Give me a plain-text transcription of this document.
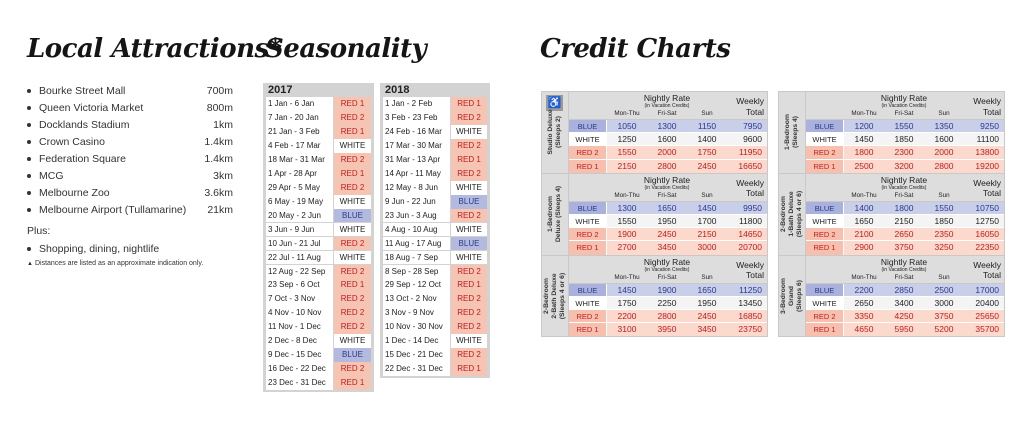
Local Attractions*
Seasonality	Credit Charts
Bourke Street Mall	700m
Queen Victoria Market	800m
Docklands Stadium	1km
Crown Casino	1.4km
Federation Square	1.4km
MCG	3km
Melbourne Zoo	3.6km
Melbourne Airport (Tullamarine) 21km
Plus:
Shopping, dining, nightlife
▲ Distances are listed as an approximate indication only.
2017
1 Jan - 6 Jan	RED 1
7 Jan - 20 Jan	RED 2
21 Jan - 3 Feb	RED 1
4 Feb - 17 Mar	WHITE
18 Mar - 31 Mar	RED 2
1 Apr - 28 Apr	RED 1
29 Apr - 5 May	RED 2
6 May - 19 May	WHITE
20 May - 2 Jun	BLUE
3 Jun - 9 Jun	WHITE
10 Jun - 21 Jul	RED 2
22 Jul - 11 Aug	WHITE
12 Aug - 22 Sep	RED 2
23 Sep - 6 Oct	RED 1
7 Oct - 3 Nov	RED 2
4 Nov - 10 Nov	RED 2
11 Nov - 1 Dec	RED 2
2 Dec - 8 Dec	WHITE
9 Dec - 15 Dec	BLUE
16 Dec - 22 Dec	RED 2
23 Dec - 31 Dec	RED 1
2018
1 Jan - 2 Feb	RED 1
3 Feb - 23 Feb	RED 2
24 Feb - 16 Mar	WHITE
17 Mar - 30 Mar	RED 2
31 Mar - 13 Apr	RED 1
14 Apr - 11 May	RED 2
12 May - 8 Jun	WHITE
9 Jun - 22 Jun	BLUE
23 Jun - 3 Aug	RED 2
4 Aug - 10 Aug	WHITE
11 Aug - 17 Aug	BLUE
18 Aug - 7 Sep	WHITE
8 Sep - 28 Sep	RED 2
29 Sep - 12 Oct	RED 1
13 Oct - 2 Nov	RED 2
3 Nov - 9 Nov	RED 2
10 Nov - 30 Nov	RED 2
1 Dec - 14 Dec	WHITE
15 Dec - 21 Dec	RED 2
22 Dec - 31 Dec	RED 1
♿
Studio Deluxe
(Sleeps 2)
Nightly Rate
(in Vacation Credits)
Mon-Thu	Fri-Sat	Sun
Weekly
Total
BLUE	1050	1300	1150	7950
WHITE	1250	1600	1400	9600
RED 2	1550	2000	1750	11950
RED 1	2150	2800	2450	16650
1-Bedroom
Deluxe (Sleeps 4)
Nightly Rate
(in Vacation Credits)
Mon-Thu	Fri-Sat	Sun
Weekly
Total
BLUE	1300	1650	1450	9950
WHITE	1550	1950	1700	11800
RED 2	1900	2450	2150	14650
RED 1	2700	3450	3000	20700
2-Bedroom
2-Bath Deluxe
(Sleeps 4 or 6)
Nightly Rate
(in Vacation Credits)
Mon-Thu	Fri-Sat	Sun
Weekly
Total
BLUE	1450	1900	1650	11250
WHITE	1750	2250	1950	13450
RED 2	2200	2800	2450	16850
RED 1	3100	3950	3450	23750
1-Bedroom
(Sleeps 4)
Nightly Rate
(in Vacation Credits)
Mon-Thu	Fri-Sat	Sun
Weekly
Total
BLUE	1200	1550	1350	9250
WHITE	1450	1850	1600	11100
RED 2	1800	2300	2000	13800
RED 1	2500	3200	2800	19200
2-Bedroom
1-Bath Deluxe
(Sleeps 4 or 6)
Nightly Rate
(in Vacation Credits)
Mon-Thu	Fri-Sat	Sun
Weekly
Total
BLUE	1400	1800	1550	10750
WHITE	1650	2150	1850	12750
RED 2	2100	2650	2350	16050
RED 1	2900	3750	3250	22350
3-Bedroom
Grand
(Sleeps 6)
Nightly Rate
(in Vacation Credits)
Mon-Thu	Fri-Sat	Sun
Weekly
Total
BLUE	2200	2850	2500	17000
WHITE	2650	3400	3000	20400
RED 2	3350	4250	3750	25650
RED 1	4650	5950	5200	35700
